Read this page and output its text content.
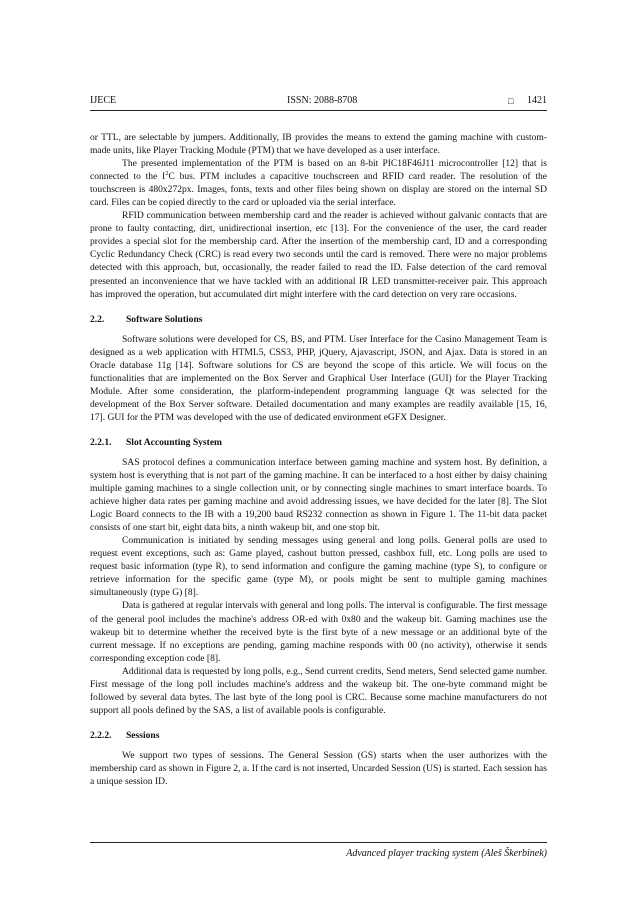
IJECE	ISSN: 2088-8708	□ 1421

or TTL, are selectable by jumpers. Additionally, IB provides the means to extend the gaming machine with custom-made units, like Player Tracking Module (PTM) that we have developed as a user interface.

The presented implementation of the PTM is based on an 8-bit PIC18F46J11 microcontroller [12] that is connected to the $I^2C$ bus. PTM includes a capacitive touchscreen and RFID card reader. The resolution of the touchscreen is 480x272px. Images, fonts, texts and other files being shown on display are stored on the internal SD card. Files can be copied directly to the card or uploaded via the serial interface.

RFID communication between membership card and the reader is achieved without galvanic contacts that are prone to faulty contacting, dirt, unidirectional insertion, etc [13]. For the convenience of the user, the card reader provides a special slot for the membership card. After the insertion of the membership card, ID and a corresponding Cyclic Redundancy Check (CRC) is read every two seconds until the card is removed. There were no major problems detected with this approach, but, occasionally, the reader failed to read the ID. False detection of the card removal presented an inconvenience that we have tackled with an additional IR LED transmitter-receiver pair. This approach has improved the operation, but accumulated dirt might interfere with the card detection on very rare occasions.

2.2. Software Solutions

Software solutions were developed for CS, BS, and PTM. User Interface for the Casino Management Team is designed as a web application with HTML5, CSS3, PHP, jQuery, Ajavascript, JSON, and Ajax. Data is stored in an Oracle database 11g [14]. Software solutions for CS are beyond the scope of this article. We will focus on the functionalities that are implemented on the Box Server and Graphical User Interface (GUI) for the Player Tracking Module. After some consideration, the platform-independent programming language Qt was selected for the development of the Box Server software. Detailed documentation and many examples are readily available [15, 16, 17]. GUI for the PTM was developed with the use of dedicated environment eGFX Designer.

2.2.1. Slot Accounting System

SAS protocol defines a communication interface between gaming machine and system host. By definition, a system host is everything that is not part of the gaming machine. It can be interfaced to a host either by daisy chaining multiple gaming machines to a single collection unit, or by connecting single machines to smart interface boards. To achieve higher data rates per gaming machine and avoid addressing issues, we have decided for the later [8]. The Slot Logic Board connects to the IB with a 19,200 baud RS232 connection as shown in Figure 1. The 11-bit data packet consists of one start bit, eight data bits, a ninth wakeup bit, and one stop bit.

Communication is initiated by sending messages using general and long polls. General polls are used to request event exceptions, such as: Game played, cashout button pressed, cashbox full, etc. Long polls are used to request basic information (type R), to send information and configure the gaming machine (type S), to configure or retrieve information for the specific game (type M), or pools might be sent to multiple gaming machines simultaneously (type G) [8].

Data is gathered at regular intervals with general and long polls. The interval is configurable. The first message of the general pool includes the machine's address OR-ed with 0x80 and the wakeup bit. Gaming machines use the wakeup bit to determine whether the received byte is the first byte of a new message or an additional byte of the current message. If no exceptions are pending, gaming machine responds with 00 (no activity), otherwise it sends corresponding exception code [8].

Additional data is requested by long polls, e.g., Send current credits, Send meters, Send selected game number. First message of the long poll includes machine's address and the wakeup bit. The one-byte command might be followed by several data bytes. The last byte of the long pool is CRC. Because some machine manufacturers do not support all pools defined by the SAS, a list of available pools is configurable.

2.2.2. Sessions

We support two types of sessions. The General Session (GS) starts when the user authorizes with the membership card as shown in Figure 2, a. If the card is not inserted, Uncarded Session (US) is started. Each session has a unique session ID.

Advanced player tracking system (Aleš Škerbinek)
